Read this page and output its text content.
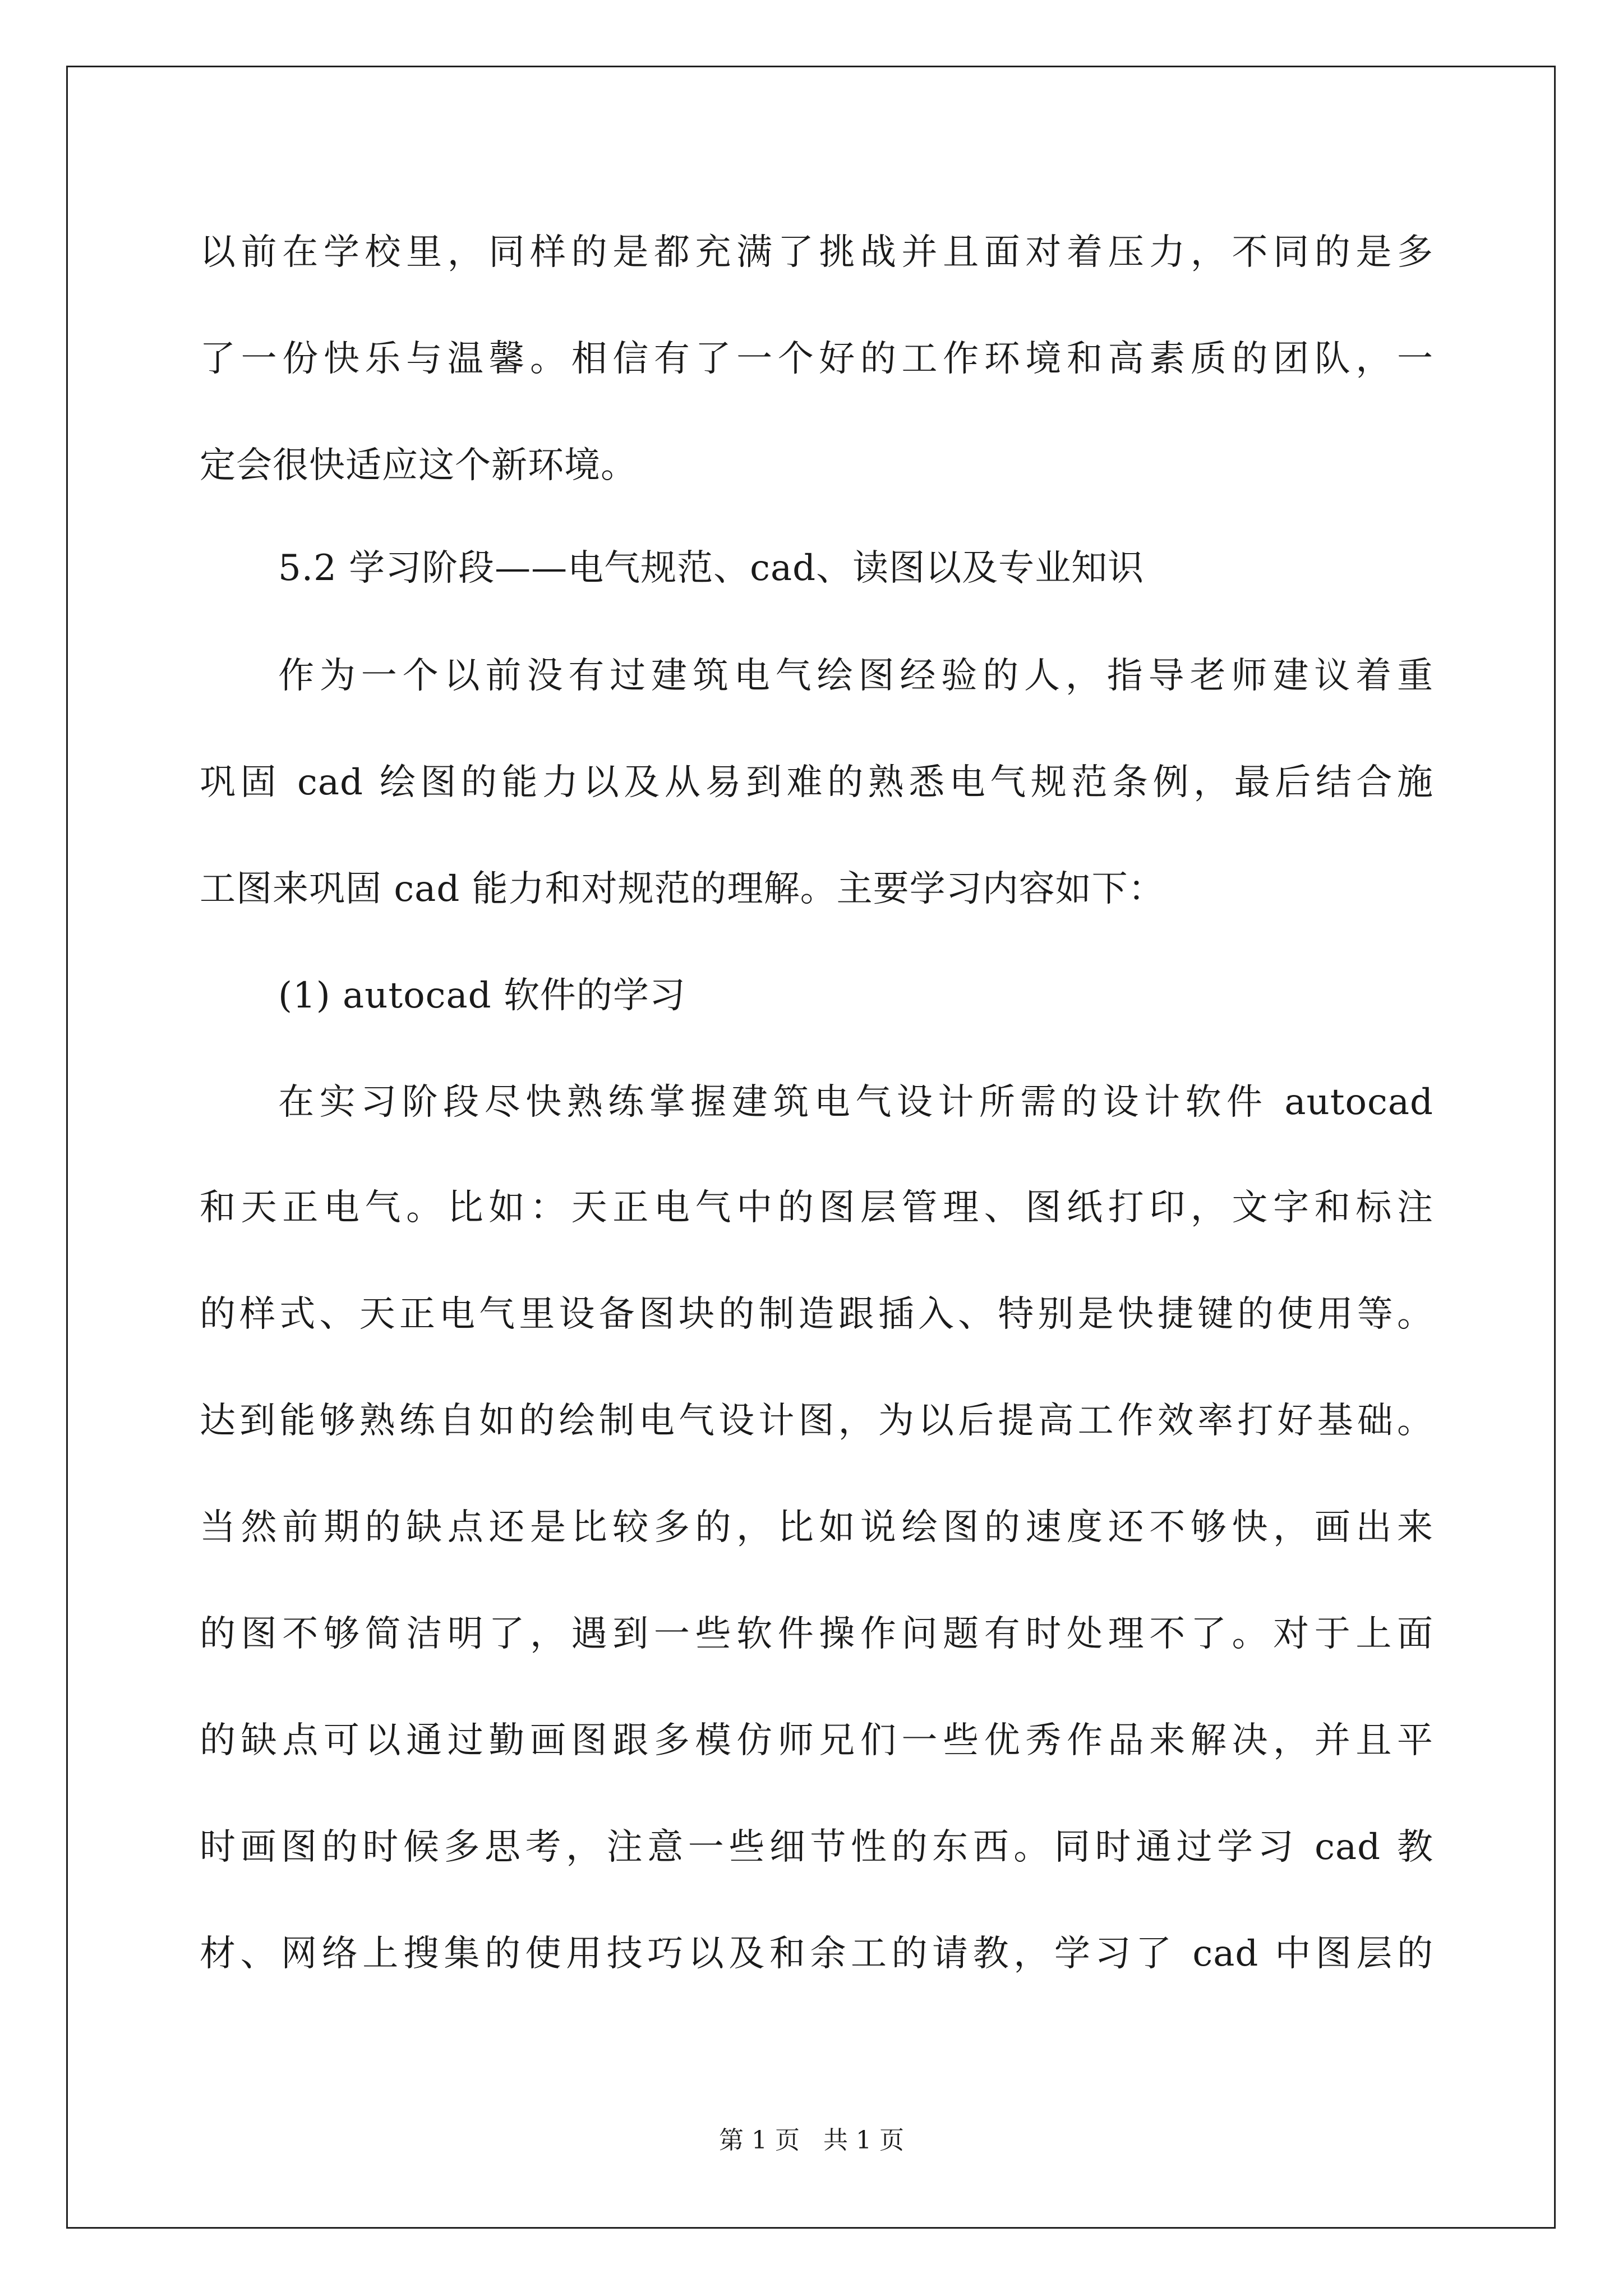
以前在学校里，同样的是都充满了挑战并且面对着压力，不同的是多
了一份快乐与温馨。相信有了一个好的工作环境和高素质的团队，一
定会很快适应这个新环境。
5.2 学习阶段——电气规范、cad、读图以及专业知识
作为一个以前没有过建筑电气绘图经验的人，指导老师建议着重
巩固 cad 绘图的能力以及从易到难的熟悉电气规范条例，最后结合施
工图来巩固 cad 能力和对规范的理解。主要学习内容如下：
(1) autocad 软件的学习
在实习阶段尽快熟练掌握建筑电气设计所需的设计软件 autocad
和天正电气。比如：天正电气中的图层管理、图纸打印，文字和标注
的样式、天正电气里设备图块的制造跟插入、特别是快捷键的使用等。
达到能够熟练自如的绘制电气设计图，为以后提高工作效率打好基础。
当然前期的缺点还是比较多的，比如说绘图的速度还不够快，画出来
的图不够简洁明了，遇到一些软件操作问题有时处理不了。对于上面
的缺点可以通过勤画图跟多模仿师兄们一些优秀作品来解决，并且平
时画图的时候多思考，注意一些细节性的东西。同时通过学习 cad 教
材、网络上搜集的使用技巧以及和余工的请教，学习了 cad 中图层的
第 1 页   共 1 页
